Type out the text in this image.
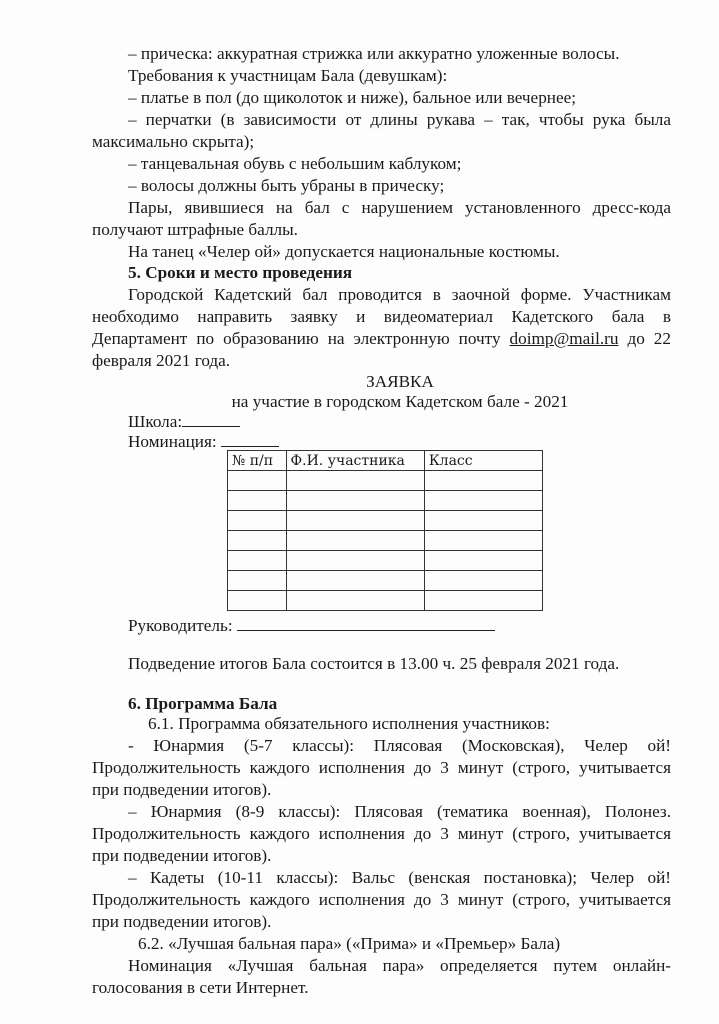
– прическа: аккуратная стрижка или аккуратно уложенные волосы.
Требования к участницам Бала (девушкам):
– платье в пол (до щиколоток и ниже), бальное или вечернее;
– перчатки (в зависимости от длины рукава – так, чтобы рука была
максимально скрыта);
– танцевальная обувь с небольшим каблуком;
– волосы должны быть убраны в прическу;
Пары, явившиеся на бал с нарушением установленного дресс-кода
получают штрафные баллы.
На танец «Челер ой» допускается национальные костюмы.
5. Сроки и место проведения
Городской Кадетский бал проводится в заочной форме. Участникам
необходимо направить заявку и видеоматериал Кадетского бала в
Департамент по образованию на электронную почту doimp@mail.ru до 22
февраля 2021 года.
ЗАЯВКА
на участие в городском Кадетском бале - 2021
Школа:
Номинация:
№ п/п	Ф.И. участника	Класс

Руководитель:
Подведение итогов Бала состоится в 13.00 ч. 25 февраля 2021 года.
6. Программа Бала
6.1. Программа обязательного исполнения участников:
- Юнармия (5-7 классы): Плясовая (Московская), Челер ой!
Продолжительность каждого исполнения до 3 минут (строго, учитывается
при подведении итогов).
– Юнармия (8-9 классы): Плясовая (тематика военная), Полонез.
Продолжительность каждого исполнения до 3 минут (строго, учитывается
при подведении итогов).
– Кадеты (10-11 классы): Вальс (венская постановка); Челер ой!
Продолжительность каждого исполнения до 3 минут (строго, учитывается
при подведении итогов).
6.2. «Лучшая бальная пара» («Прима» и «Премьер» Бала)
Номинация «Лучшая бальная пара» определяется путем онлайн-
голосования в сети Интернет.
